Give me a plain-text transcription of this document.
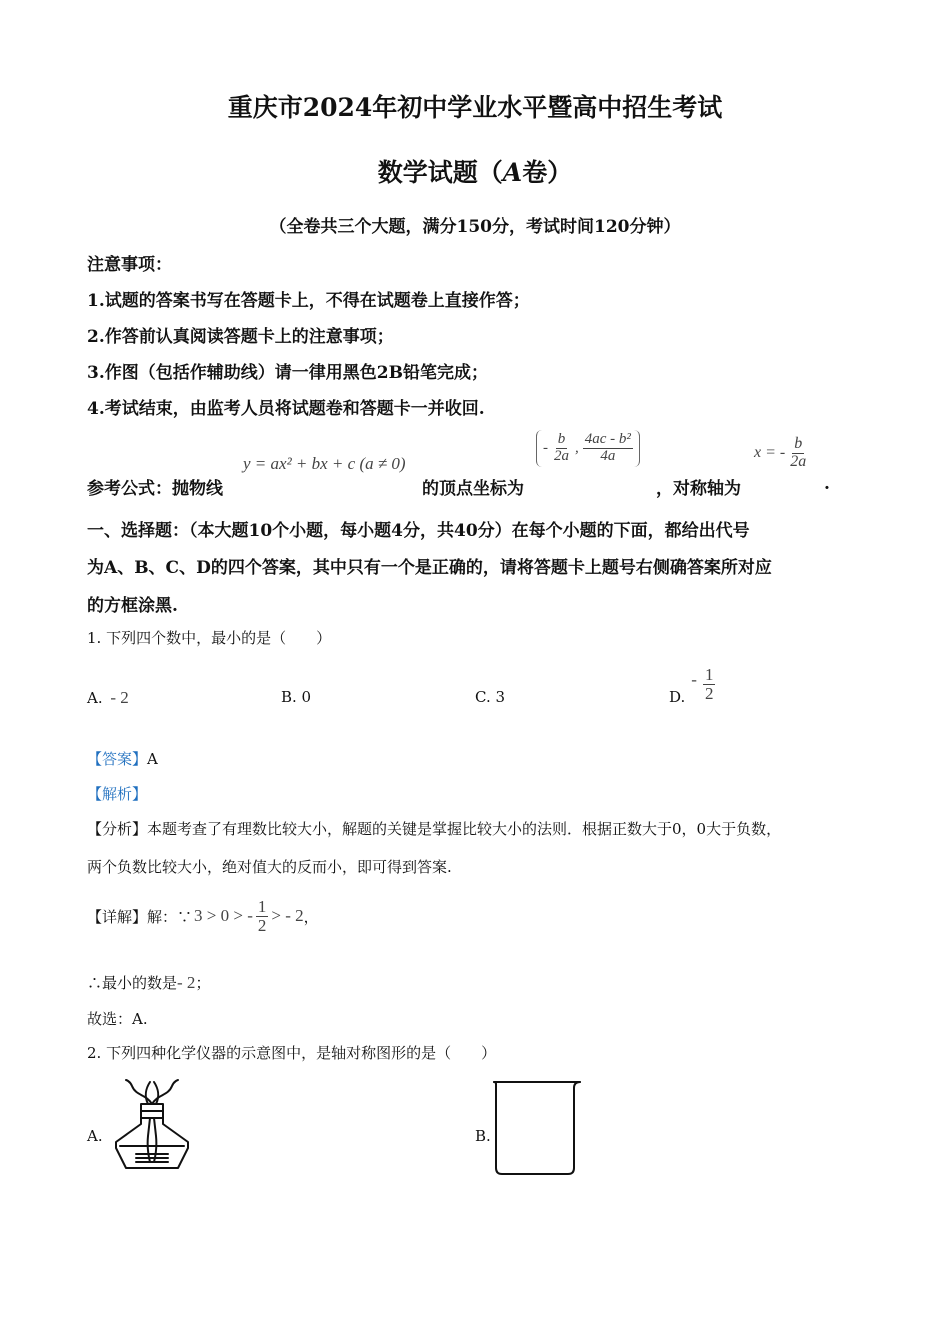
重庆市2024年初中学业水平暨高中招生考试
数学试题（A卷）
（全卷共三个大题，满分150分，考试时间120分钟）
注意事项：
1.试题的答案书写在答题卡上，不得在试题卷上直接作答；
2.作答前认真阅读答题卡上的注意事项；
3.作图（包括作辅助线）请一律用黑色2B铅笔完成；
4.考试结束，由监考人员将试题卷和答题卡一并收回.
参考公式：抛物线
y = ax² + bx + c (a ≠ 0)
的顶点坐标为
- $\frac{b}{2a}$ , $\frac{\text{4ac - b²}}{4a}$
，对称轴为
x = - $\frac{b}{2a}$
.
一、选择题：（本大题10个小题，每小题4分，共40分）在每个小题的下面，都给出代号
为A、B、C、D的四个答案，其中只有一个是正确的，请将答题卡上题号右侧确答案所对应
的方框涂黑.
1. 下列四个数中，最小的是（　　）
A. - 2	B. 0	C. 3	D.
- $\frac{1}{2}$
【答案】A
【解析】
【分析】本题考查了有理数比较大小，解题的关键是掌握比较大小的法则．根据正数大于0，0大于负数，
两个负数比较大小，绝对值大的反而小，即可得到答案.
【详解】解：∵ 3 > 0 > - $\frac{1}{2}$ > - 2 ，
∴最小的数是- 2；
故选：A.
2. 下列四种化学仪器的示意图中，是轴对称图形的是（　　）
A.	B.
